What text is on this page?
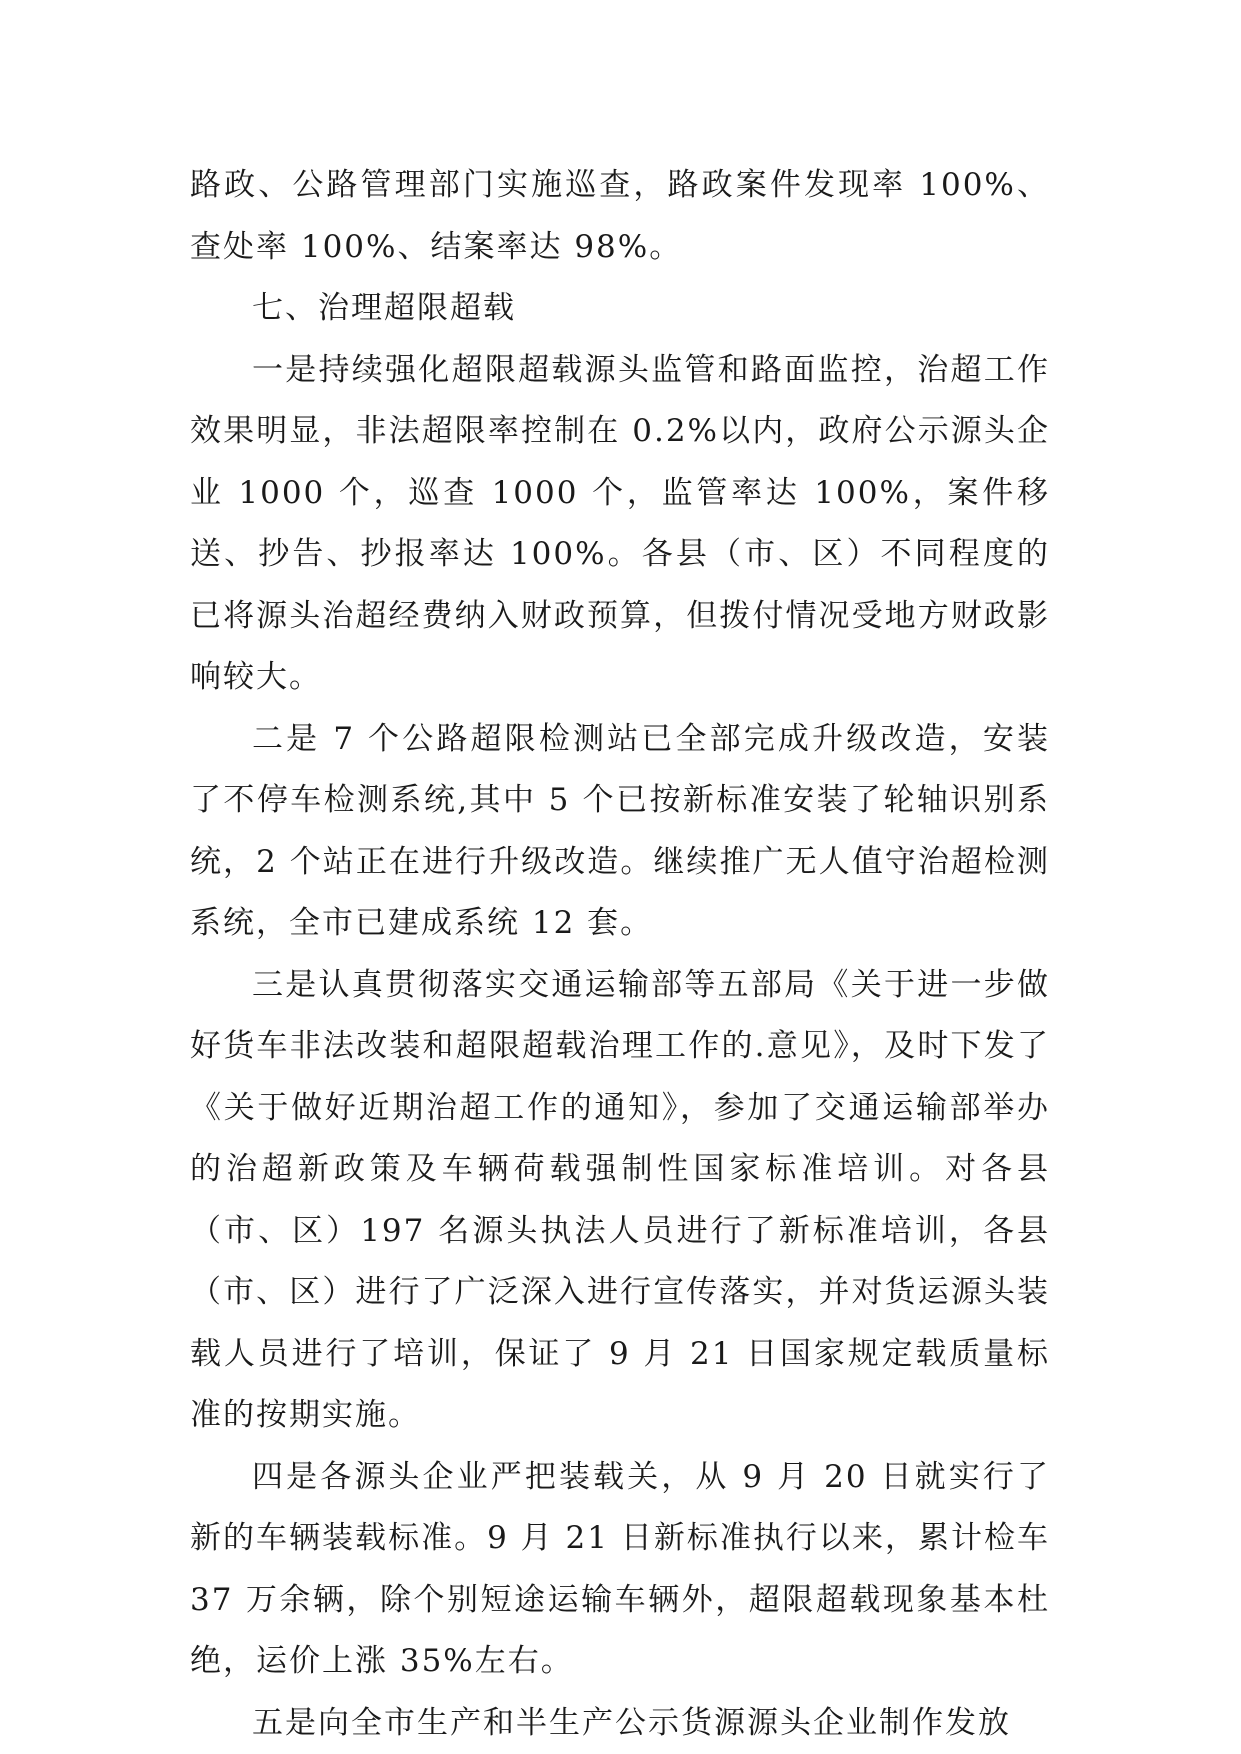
路政、公路管理部门实施巡查，路政案件发现率 100%、查处率 100%、结案率达 98%。

七、治理超限超载

一是持续强化超限超载源头监管和路面监控，治超工作效果明显，非法超限率控制在 0.2%以内，政府公示源头企业 1000 个，巡查 1000 个，监管率达 100%，案件移送、抄告、抄报率达 100%。各县（市、区）不同程度的已将源头治超经费纳入财政预算，但拨付情况受地方财政影响较大。

二是 7 个公路超限检测站已全部完成升级改造，安装了不停车检测系统,其中 5 个已按新标准安装了轮轴识别系统，2 个站正在进行升级改造。继续推广无人值守治超检测系统，全市已建成系统 12 套。

三是认真贯彻落实交通运输部等五部局《关于进一步做好货车非法改装和超限超载治理工作的.意见》，及时下发了《关于做好近期治超工作的通知》，参加了交通运输部举办的治超新政策及车辆荷载强制性国家标准培训。对各县（市、区）197 名源头执法人员进行了新标准培训，各县（市、区）进行了广泛深入进行宣传落实，并对货运源头装载人员进行了培训，保证了 9 月 21 日国家规定载质量标准的按期实施。

四是各源头企业严把装载关，从 9 月 20 日就实行了新的车辆装载标准。9 月 21 日新标准执行以来，累计检车 37 万余辆，除个别短途运输车辆外，超限超载现象基本杜绝，运价上涨 35%左右。

五是向全市生产和半生产公示货源源头企业制作发放
